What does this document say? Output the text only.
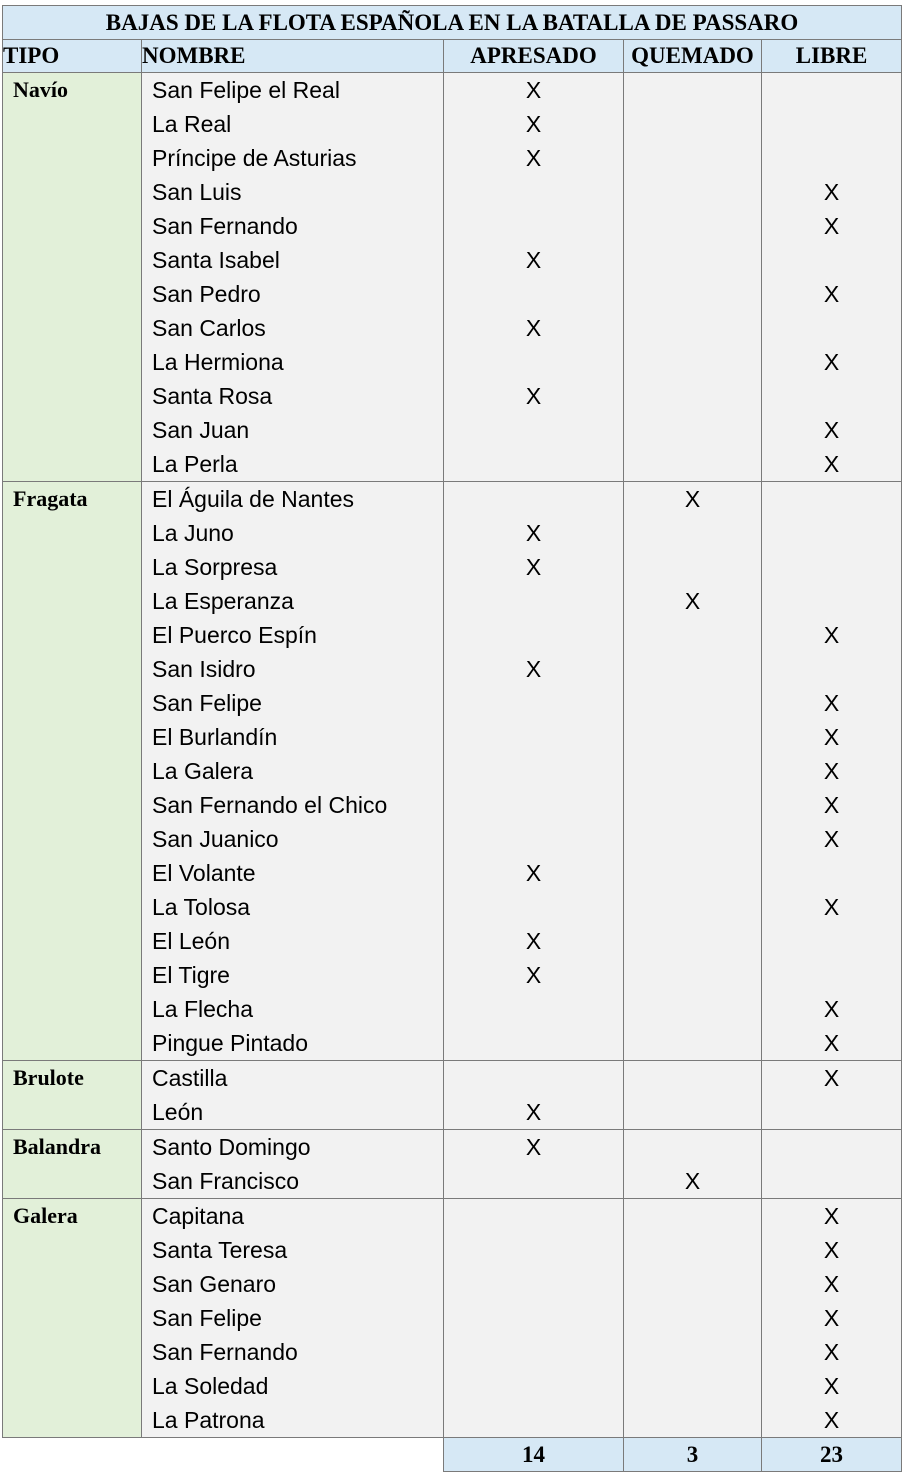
BAJAS DE LA FLOTA ESPAÑOLA EN LA BATALLA DE PASSARO				
TIPO	NOMBRE	APRESADO	QUEMADO	LIBRE
Navío	San Felipe el Real	X		
	La Real	X		
	Príncipe de Asturias	X		
	San Luis			X
	San Fernando			X
	Santa Isabel	X		
	San Pedro			X
	San Carlos	X		
	La Hermiona			X
	Santa Rosa	X		
	San Juan			X
	La Perla			X
Fragata	El Águila de Nantes		X	
	La Juno	X		
	La Sorpresa	X		
	La Esperanza		X	
	El Puerco Espín			X
	San Isidro	X		
	San Felipe			X
	El Burlandín			X
	La Galera			X
	San Fernando el Chico			X
	San Juanico			X
	El Volante	X		
	La Tolosa			X
	El León	X		
	El Tigre	X		
	La Flecha			X
	Pingue Pintado			X
Brulote	Castilla			X
	León	X		
Balandra	Santo Domingo	X		
	San Francisco		X	
Galera	Capitana			X
	Santa Teresa			X
	San Genaro			X
	San Felipe			X
	San Fernando			X
	La Soledad			X
	La Patrona			X
		14	3	23
